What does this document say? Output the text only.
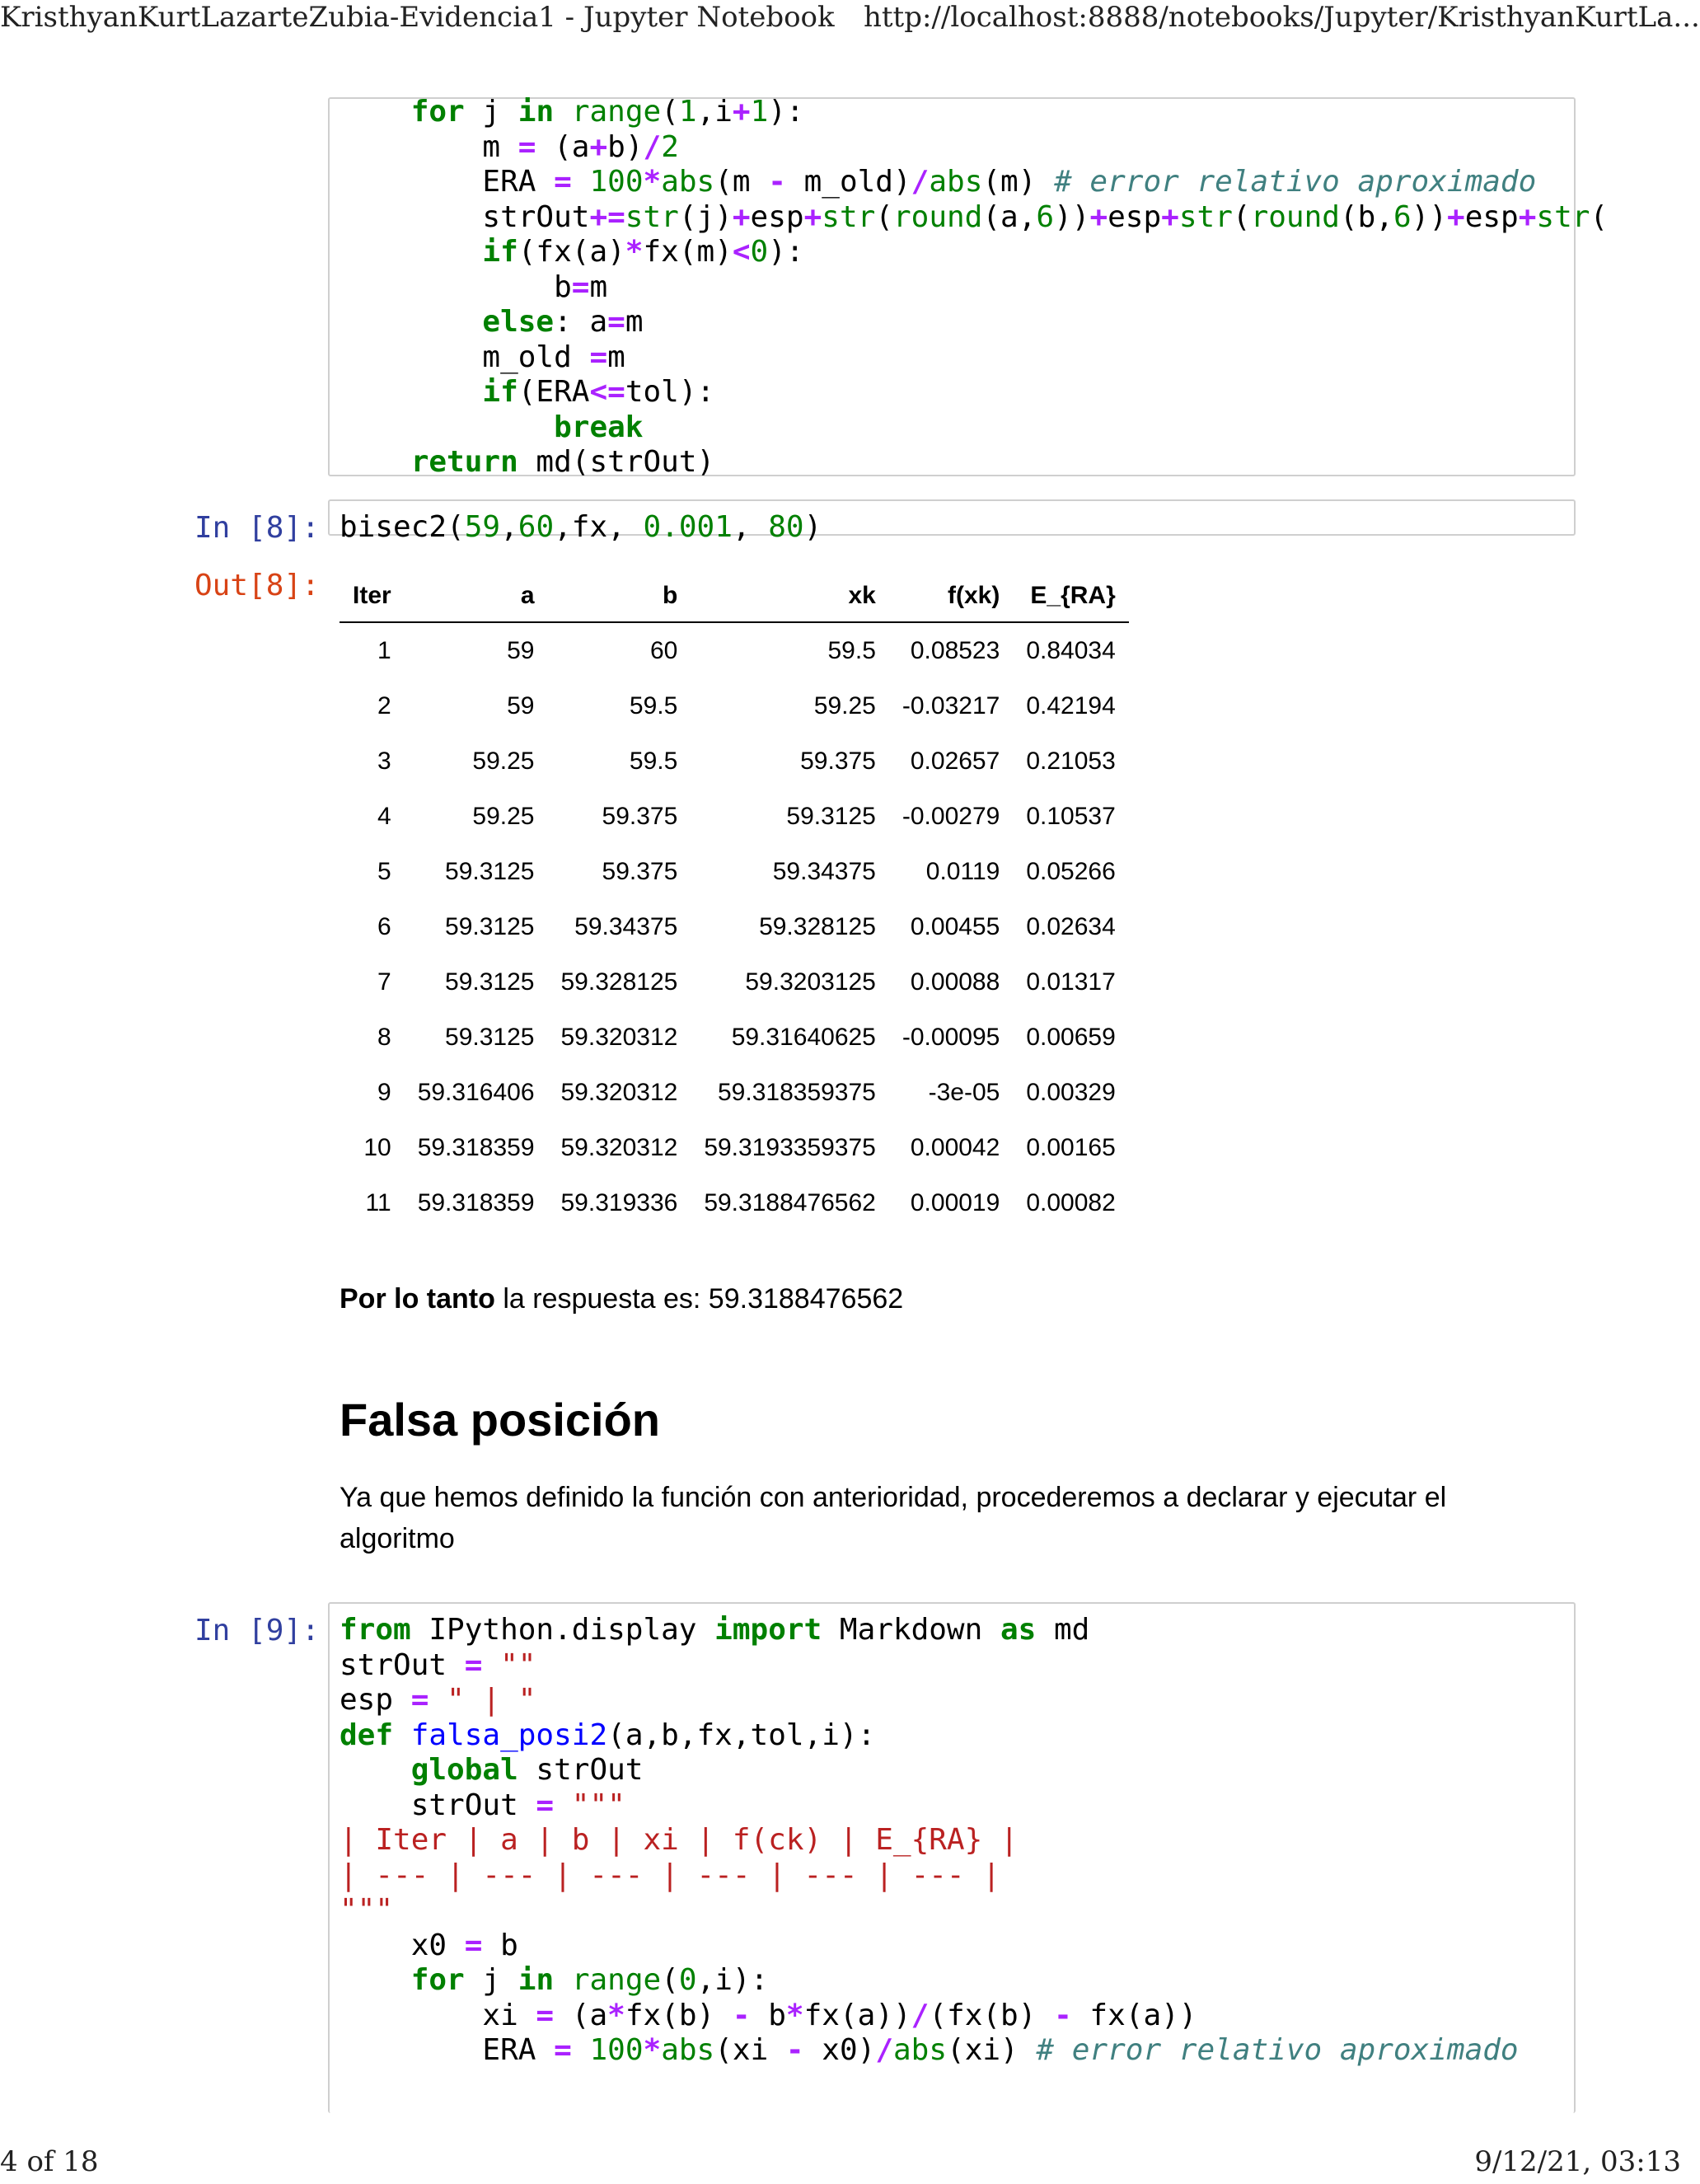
KristhyanKurtLazarteZubia-Evidencia1 - Jupyter Notebook http://localhost:8888/notebooks/Jupyter/KristhyanKurtLa...
4 of 18	9/12/21, 03:13
for j in range(1,i+1):
m = (a+b)/2
ERA = 100*abs(m - m_old)/abs(m) # error relativo aproximado
strOut+=str(j)+esp+str(round(a,6))+esp+str(round(b,6))+esp+str(
if(fx(a)*fx(m)<0):
b=m
else: a=m
m_old =m
if(ERA<=tol):
break
return md(strOut)
In [8]: bisec2(59,60,fx, 0.001, 80)
Out[8]: Iter	a	b	xk	f(xk)	E_{RA}
1	59	60	59.5	0.08523	0.84034
2	59	59.5	59.25	-0.03217	0.42194
3	59.25	59.5	59.375	0.02657	0.21053
4	59.25	59.375	59.3125	-0.00279	0.10537
5	59.3125	59.375	59.34375	0.0119	0.05266
6	59.3125	59.34375	59.328125	0.00455	0.02634
7	59.3125	59.328125	59.3203125	0.00088	0.01317
8	59.3125	59.320312	59.31640625	-0.00095	0.00659
9	59.316406	59.320312	59.318359375	-3e-05	0.00329
10	59.318359	59.320312	59.3193359375	0.00042	0.00165
11	59.318359	59.319336	59.3188476562	0.00019	0.00082
Por lo tanto la respuesta es: 59.3188476562
Falsa posición
Ya que hemos definido la función con anterioridad, procederemos a declarar y ejecutar el algoritmo
In [9]: from IPython.display import Markdown as md
strOut = ""
esp = " | "
def falsa_posi2(a,b,fx,tol,i):
global strOut
strOut = """
| Iter | a | b | xi | f(ck) | E_{RA} |
| --- | --- | --- | --- | --- | --- |
"""
x0 = b
for j in range(0,i):
xi = (a*fx(b) - b*fx(a))/(fx(b) - fx(a))
ERA = 100*abs(xi - x0)/abs(xi) # error relativo aproximado
